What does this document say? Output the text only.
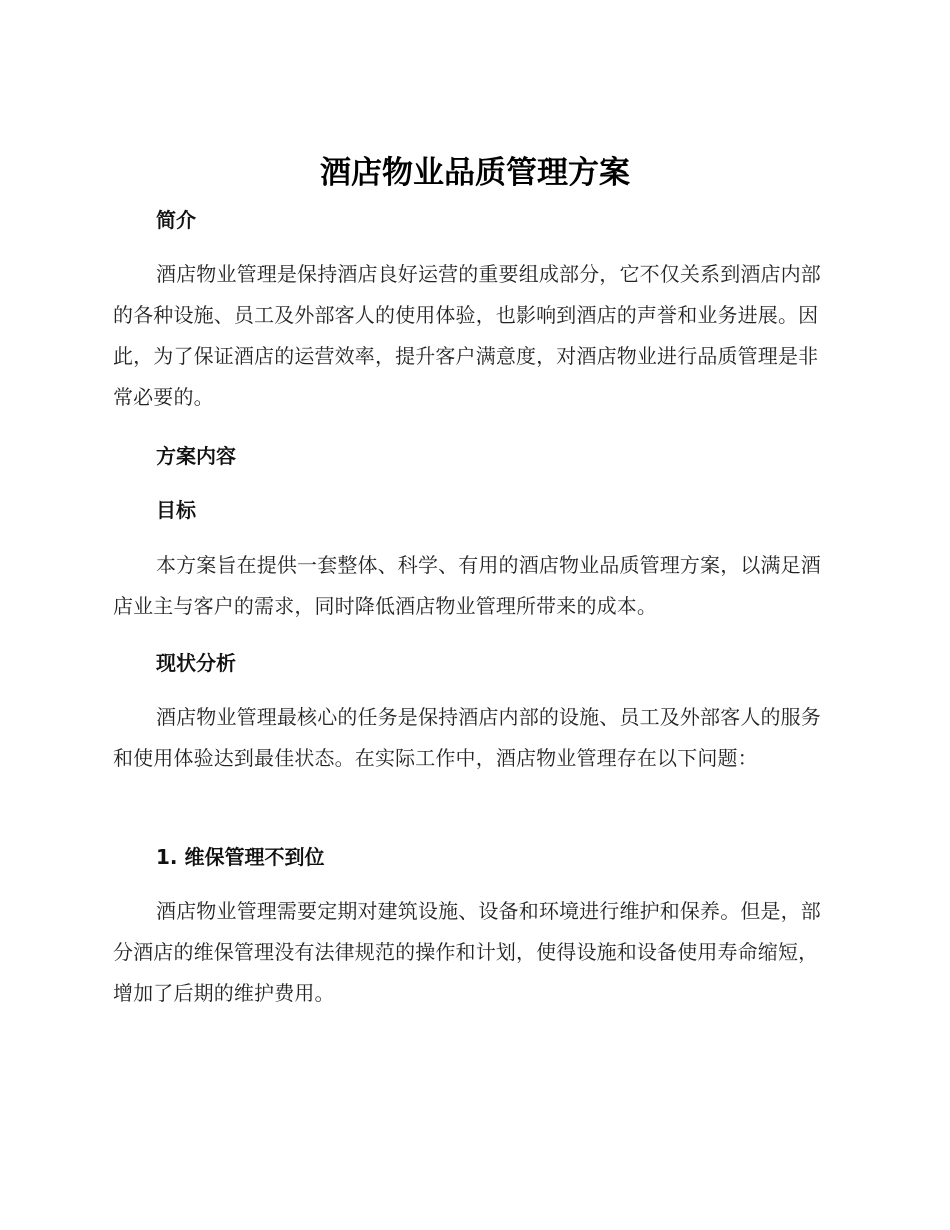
酒店物业品质管理方案
简介
酒店物业管理是保持酒店良好运营的重要组成部分，它不仅关系到酒店内部的各种设施、员工及外部客人的使用体验，也影响到酒店的声誉和业务进展。因此，为了保证酒店的运营效率，提升客户满意度，对酒店物业进行品质管理是非常必要的。
方案内容
目标
本方案旨在提供一套整体、科学、有用的酒店物业品质管理方案，以满足酒店业主与客户的需求，同时降低酒店物业管理所带来的成本。
现状分析
酒店物业管理最核心的任务是保持酒店内部的设施、员工及外部客人的服务和使用体验达到最佳状态。在实际工作中，酒店物业管理存在以下问题：
1. 维保管理不到位
酒店物业管理需要定期对建筑设施、设备和环境进行维护和保养。但是，部分酒店的维保管理没有法律规范的操作和计划，使得设施和设备使用寿命缩短，增加了后期的维护费用。
